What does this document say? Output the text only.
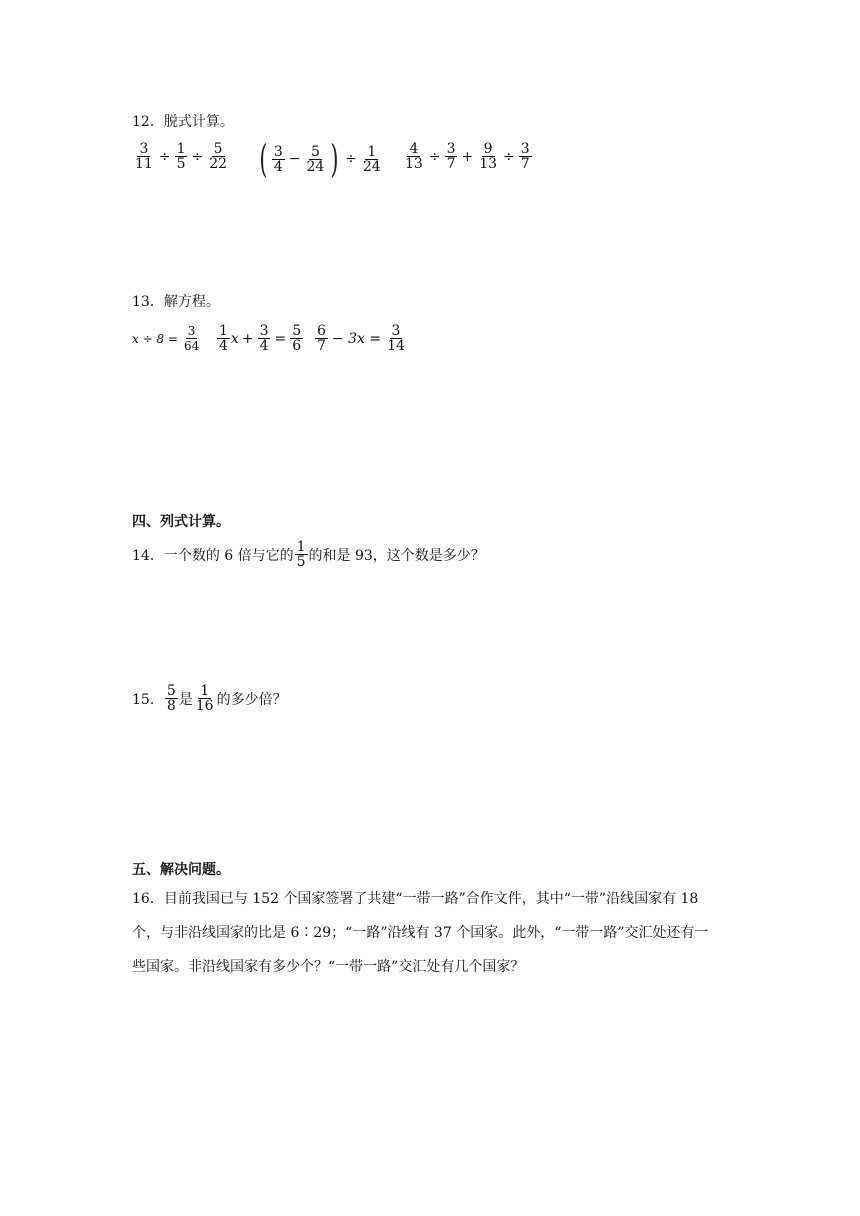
12．脱式计算。
$\frac{3}{11} \div \frac{1}{5} \div \frac{5}{22}$ ( $\frac{3}{4} - \frac{5}{24}$ ) ÷ $\frac{1}{24} \frac{4}{13} \div \frac{3}{7} + \frac{9}{13} \div \frac{3}{7}$
13．解方程。
$x \div 8 = \frac{3}{64} \frac{1}{4}$ $x + \frac{3}{4} = \frac{5}{6} \frac{6}{7} - 3x = \frac{3}{14}$
四、列式计算。
14．一个数的 6 倍与它的 $\frac{1}{5}$ 的和是 93，这个数是多少？
15． $\frac{5}{8}$ 是 $\frac{1}{16}$ 的多少倍？
五、解决问题。
16．目前我国已与 152 个国家签署了共建“一带一路”合作文件，其中“一带”沿线国家有 18
个，与非沿线国家的比是 6∶29；“一路”沿线有 37 个国家。此外，“一带一路”交汇处还有一
些国家。非沿线国家有多少个？“一带一路”交汇处有几个国家？
